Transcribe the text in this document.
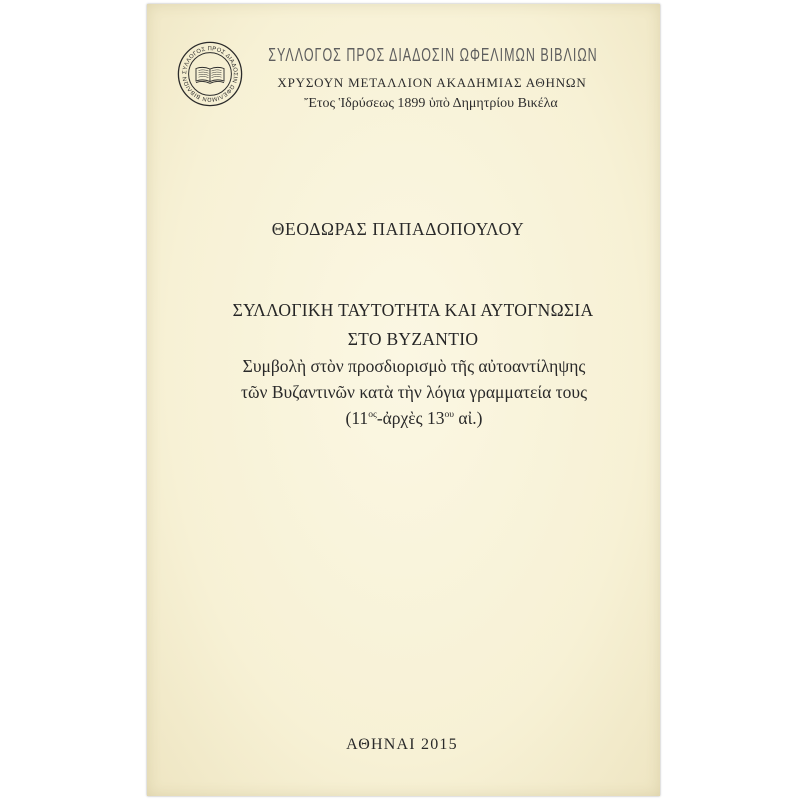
ΣΥΛΛΟΓΟΣ ΠΡΟΣ ΔΙΑΔΟΣΙΝ ΩΦΕΛΙΜΩΝ ΒΙΒΛΙΩΝ
ΣΥΛΛΟΓΟΣ ΠΡΟΣ ΔΙΑΔΟΣΙΝ ΩΦΕΛΙΜΩΝ ΒΙΒΛΙΩΝ
ΧΡΥΣΟΥΝ ΜΕΤΑΛΛΙΟΝ ΑΚΑΔΗΜΙΑΣ ΑΘΗΝΩΝ
Ἔτος Ἱδρύσεως 1899 ὑπὸ Δημητρίου Βικέλα
ΘΕΟΔΩΡΑΣ ΠΑΠΑΔΟΠΟΥΛΟΥ
ΣΥΛΛΟΓΙΚΗ ΤΑΥΤΟΤΗΤΑ ΚΑΙ ΑΥΤΟΓΝΩΣΙΑ
ΣΤΟ ΒΥΖΑΝΤΙΟ
Συμβολὴ στὸν προσδιορισμὸ τῆς αὐτοαντίληψης
τῶν Βυζαντινῶν κατὰ τὴν λόγια γραμματεία τους
($11^{o\varsigma}$-ἀρχὲς $13^{o\upsilon}$ αἰ.)
ΑΘΗΝΑΙ 2015
